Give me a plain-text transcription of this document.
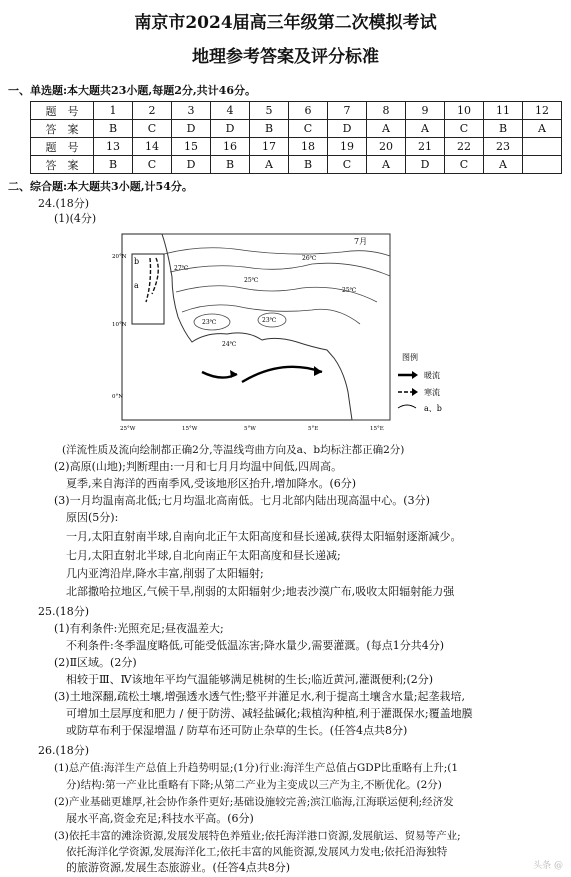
南京市2024届高三年级第二次模拟考试
地理参考答案及评分标准
一、单选题:本大题共23小题,每题2分,共计46分。
题　号	1	2	3	4	5	6	7	8	9	10	11	12
答　案	B	C	D	D	B	C	D	A	A	C	B	A
题　号	13	14	15	16	17	18	19	20	21	22	23	
答　案	B	C	D	B	A	B	C	A	D	C	A	
二、综合题:本大题共3小题,计54分。
24.(18分)
(1)(4分)
7月
27℃
26℃
25℃
25℃
24℃
23℃	23℃
20°N
10°N
0°N
25°W	15°W	5°W	5°E	15°E
a
b
图例
暖流
寒流
a、b
(洋流性质及流向绘制都正确2分,等温线弯曲方向及a、b均标注都正确2分)
(2)高原(山地);判断理由:一月和七月月均温中间低,四周高。
夏季,来自海洋的西南季风,受该地形区抬升,增加降水。(6分)
(3)一月均温南高北低;七月均温北高南低。七月北部内陆出现高温中心。(3分)
原因(5分):
一月,太阳直射南半球,自南向北正午太阳高度和昼长递减,获得太阳辐射逐渐减少。
七月,太阳直射北半球,自北向南正午太阳高度和昼长递减;
几内亚湾沿岸,降水丰富,削弱了太阳辐射;
北部撒哈拉地区,气候干旱,削弱的太阳辐射少;地表沙漠广布,吸收太阳辐射能力强
25.(18分)
(1)有利条件:光照充足;昼夜温差大;
不利条件:冬季温度略低,可能受低温冻害;降水量少,需要灌溉。(每点1分共4分)
(2)Ⅱ区域。(2分)
相较于Ⅲ、Ⅳ该地年平均气温能够满足桃树的生长;临近黄河,灌溉便利;(2分)
(3)土地深翻,疏松土壤,增强透水透气性;整平并灌足水,利于提高土壤含水量;起垄栽培,
可增加土层厚度和肥力 / 便于防涝、减轻盐碱化;栽植沟种植,利于灌溉保水;覆盖地膜
或防草布利于保湿增温 / 防草布还可防止杂草的生长。(任答4点共8分)
26.(18分)
(1)总产值:海洋生产总值上升趋势明显;(1分)行业:海洋生产总值占GDP比重略有上升;(1
分)结构:第一产业比重略有下降;从第二产业为主变成以三产为主,不断优化。(2分)
(2)产业基础更雄厚,社会协作条件更好;基础设施较完善;滨江临海,江海联运便利;经济发
展水平高,资金充足;科技水平高。(6分)
(3)依托丰富的滩涂资源,发展发展特色养殖业;依托海洋港口资源,发展航运、贸易等产业;
依托海洋化学资源,发展海洋化工;依托丰富的风能资源,发展风力发电;依托沿海独特
的旅游资源,发展生态旅游业。(任答4点共8分)	头条 @
